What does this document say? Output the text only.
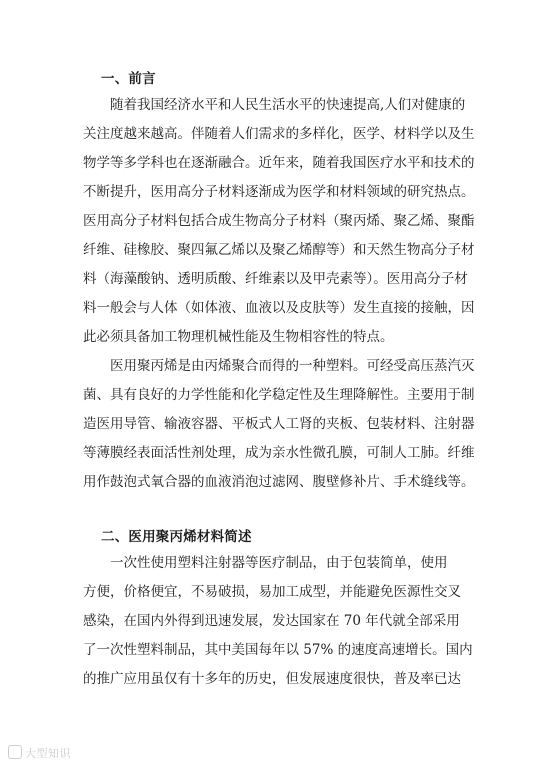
一、前言
随着我国经济水平和人民生活水平的快速提高,人们对健康的
关注度越来越高。伴随着人们需求的多样化，医学、材料学以及生
物学等多学科也在逐渐融合。近年来，随着我国医疗水平和技术的
不断提升，医用高分子材料逐渐成为医学和材料领域的研究热点。
医用高分子材料包括合成生物高分子材料（聚丙烯、聚乙烯、聚酯
纤维、硅橡胶、聚四氟乙烯以及聚乙烯醇等）和天然生物高分子材
料（海藻酸钠、透明质酸、纤维素以及甲壳素等）。医用高分子材
料一般会与人体（如体液、血液以及皮肤等）发生直接的接触，因
此必须具备加工物理机械性能及生物相容性的特点。
医用聚丙烯是由丙烯聚合而得的一种塑料。可经受高压蒸汽灭
菌、具有良好的力学性能和化学稳定性及生理降解性。主要用于制
造医用导管、输液容器、平板式人工肾的夹板、包装材料、注射器
等薄膜经表面活性剂处理，成为亲水性微孔膜，可制人工肺。纤维
用作鼓泡式氧合器的血液消泡过滤网、腹壁修补片、手术缝线等。
二、医用聚丙烯材料简述
一次性使用塑料注射器等医疗制品，由于包装简单，使用
方便，价格便宜，不易破损，易加工成型，并能避免医源性交叉
感染，在国内外得到迅速发展，发达国家在 70 年代就全部采用
了一次性塑料制品，其中美国每年以 57% 的速度高速增长。国内
的推广应用虽仅有十多年的历史，但发展速度很快，普及率已达
大型知识
